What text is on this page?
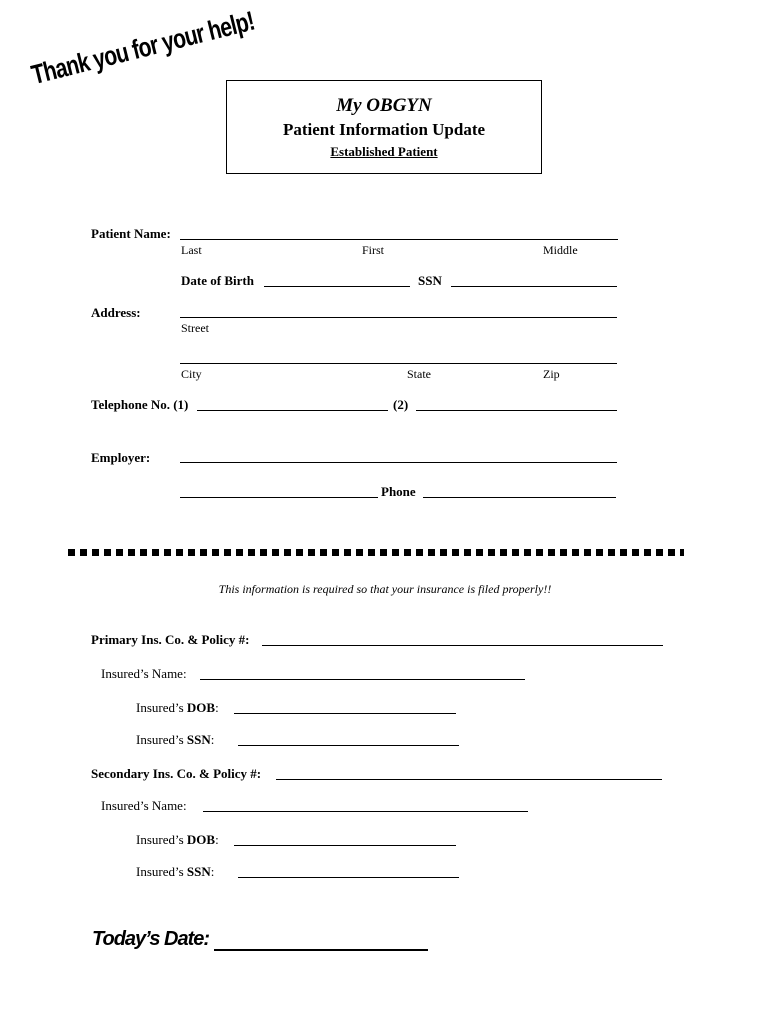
Thank you for your help!
My OBGYN
Patient Information Update
Established Patient
Patient Name:
Last	First	Middle
Date of Birth	SSN
Address:
Street
City	State	Zip
Telephone No. (1)	(2)
Employer:
Phone
This information is required so that your insurance is filed properly!!
Primary Ins. Co. & Policy #:
Insured’s Name:
Insured’s DOB:
Insured’s SSN:
Secondary Ins. Co. & Policy #:
Insured’s Name:
Insured’s DOB:
Insured’s SSN:
Today’s Date:
